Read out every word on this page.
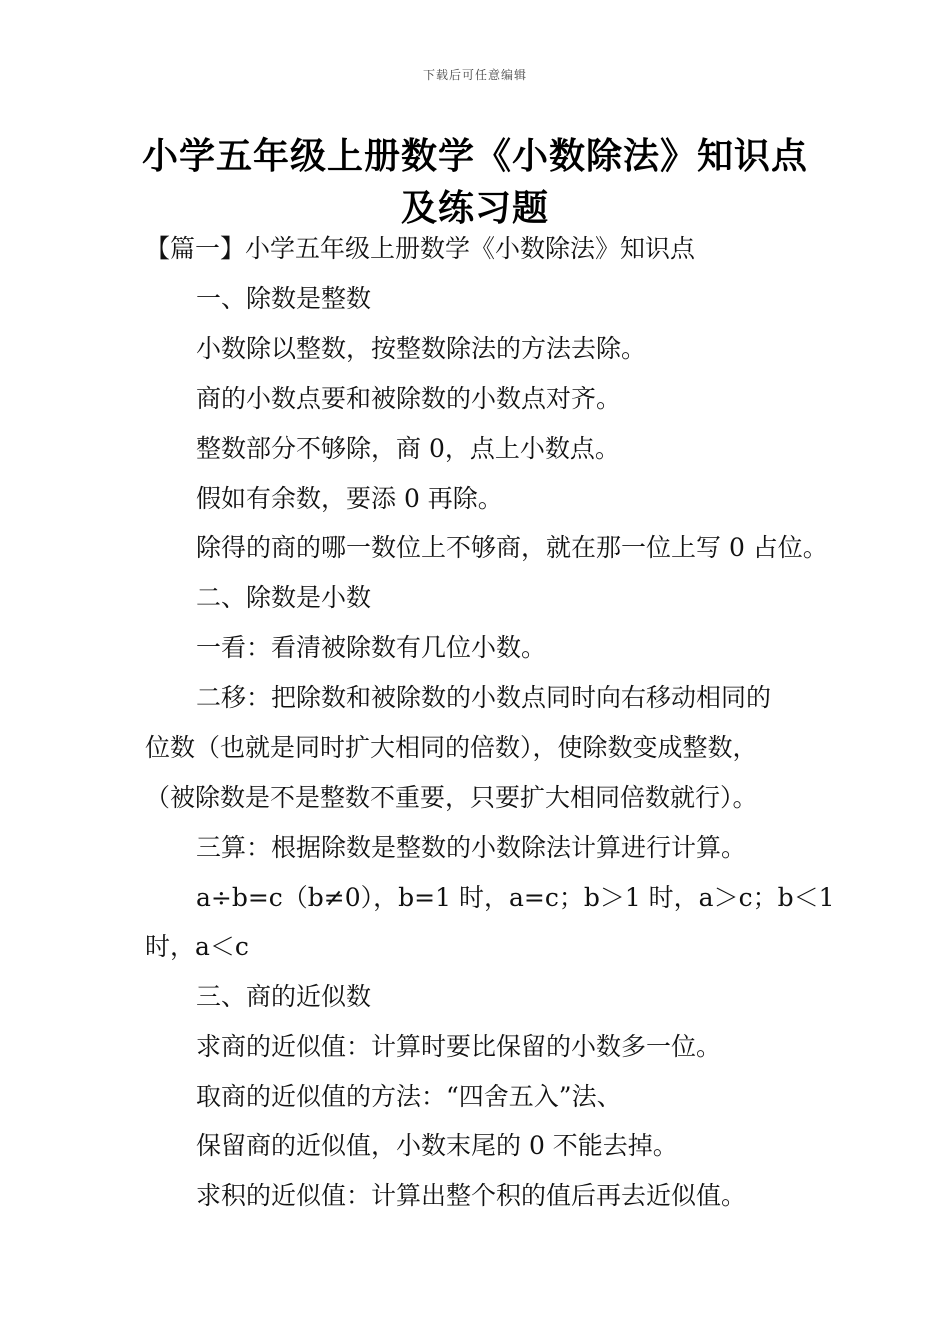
下载后可任意编辑
小学五年级上册数学《小数除法》知识点
及练习题
【篇一】小学五年级上册数学《小数除法》知识点
一、除数是整数
小数除以整数，按整数除法的方法去除。
商的小数点要和被除数的小数点对齐。
整数部分不够除，商 0，点上小数点。
假如有余数，要添 0 再除。
除得的商的哪一数位上不够商，就在那一位上写 0 占位。
二、除数是小数
一看：看清被除数有几位小数。
二移：把除数和被除数的小数点同时向右移动相同的
位数（也就是同时扩大相同的倍数），使除数变成整数，
（被除数是不是整数不重要，只要扩大相同倍数就行）。
三算：根据除数是整数的小数除法计算进行计算。
a÷b=c（b≠0），b=1 时，a=c；b＞1 时，a＞c；b＜1
时，a＜c
三、商的近似数
求商的近似值：计算时要比保留的小数多一位。
取商的近似值的方法：“四舍五入”法、
保留商的近似值，小数末尾的 0 不能去掉。
求积的近似值：计算出整个积的值后再去近似值。
